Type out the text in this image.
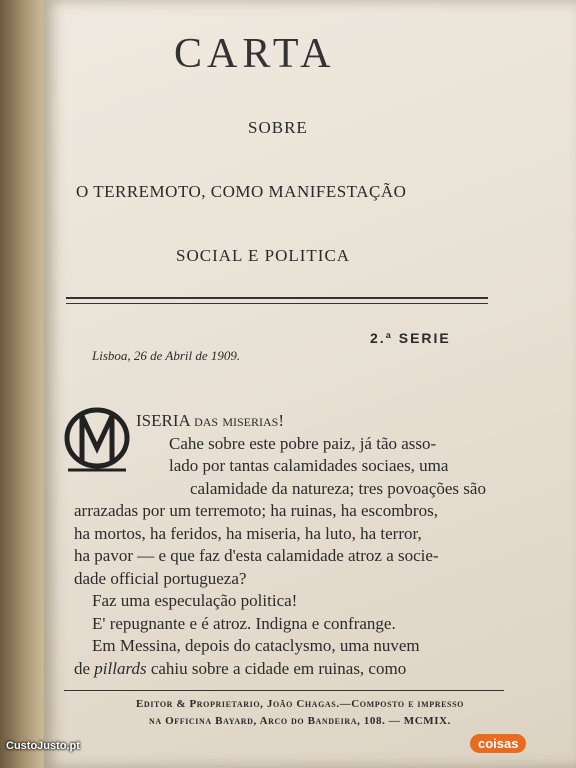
CARTA
SOBRE
O TERREMOTO, COMO MANIFESTAÇÃO
SOCIAL E POLITICA
2.ª SERIE
Lisboa, 26 de Abril de 1909.
ISERIA das miserias!
Cahe sobre este pobre paiz, já tão asso-
lado por tantas calamidades sociaes, uma
calamidade da natureza; tres povoações são
arrazadas por um terremoto; ha ruinas, ha escombros,
ha mortos, ha feridos, ha miseria, ha luto, ha terror,
ha pavor — e que faz d'esta calamidade atroz a socie-
dade official portugueza?
Faz uma especulação politica!
E' repugnante e é atroz. Indigna e confrange.
Em Messina, depois do cataclysmo, uma nuvem
de pillards cahiu sobre a cidade em ruinas, como
Editor & Proprietario, João Chagas.—Composto e impresso
na Officina Bayard, Arco do Bandeira, 108. — MCMIX.
CustoJusto.pt	coisas
